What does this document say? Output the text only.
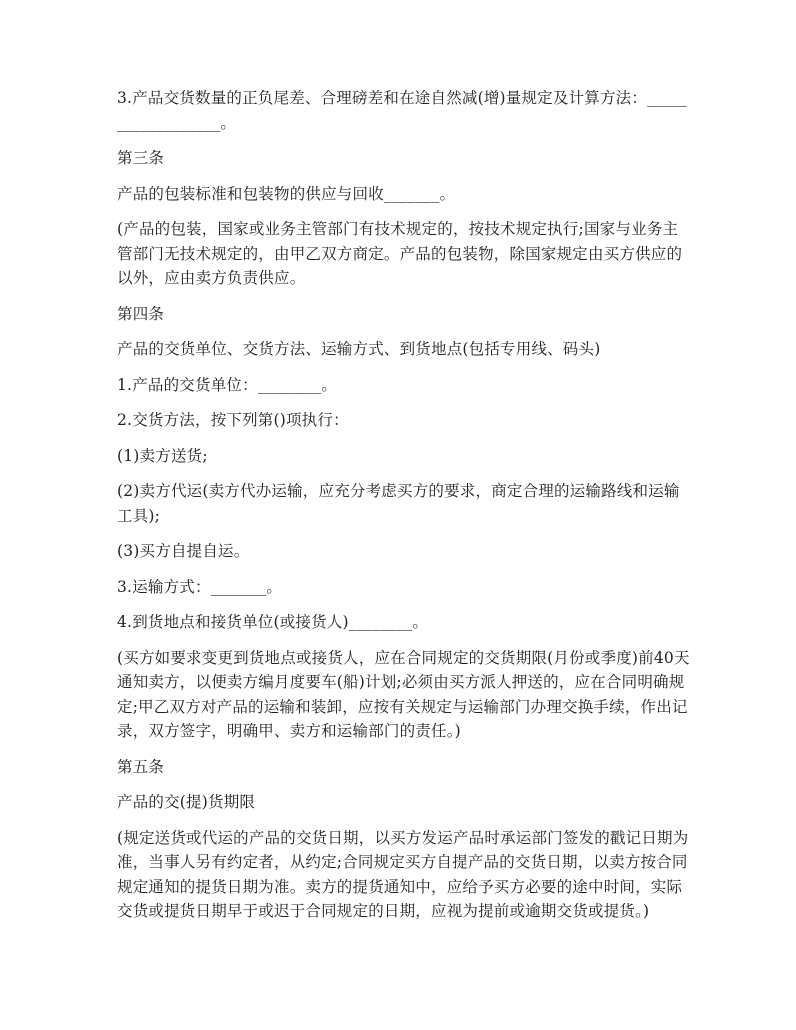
3.产品交货数量的正负尾差、合理磅差和在途自然减(增)量规定及计算方法：__________________。

第三条

产品的包装标准和包装物的供应与回收_______。

(产品的包装，国家或业务主管部门有技术规定的，按技术规定执行;国家与业务主管部门无技术规定的，由甲乙双方商定。产品的包装物，除国家规定由买方供应的以外，应由卖方负责供应。

第四条

产品的交货单位、交货方法、运输方式、到货地点(包括专用线、码头)

1.产品的交货单位：________。

2.交货方法，按下列第()项执行：

(1)卖方送货;

(2)卖方代运(卖方代办运输，应充分考虑买方的要求，商定合理的运输路线和运输工具);

(3)买方自提自运。

3.运输方式：_______。

4.到货地点和接货单位(或接货人)________。

(买方如要求变更到货地点或接货人，应在合同规定的交货期限(月份或季度)前40天通知卖方，以便卖方编月度要车(船)计划;必须由买方派人押送的，应在合同明确规定;甲乙双方对产品的运输和装卸，应按有关规定与运输部门办理交换手续，作出记录，双方签字，明确甲、卖方和运输部门的责任。)

第五条

产品的交(提)货期限

(规定送货或代运的产品的交货日期，以买方发运产品时承运部门签发的戳记日期为准，当事人另有约定者，从约定;合同规定买方自提产品的交货日期，以卖方按合同规定通知的提货日期为准。卖方的提货通知中，应给予买方必要的途中时间，实际交货或提货日期早于或迟于合同规定的日期，应视为提前或逾期交货或提货。)
